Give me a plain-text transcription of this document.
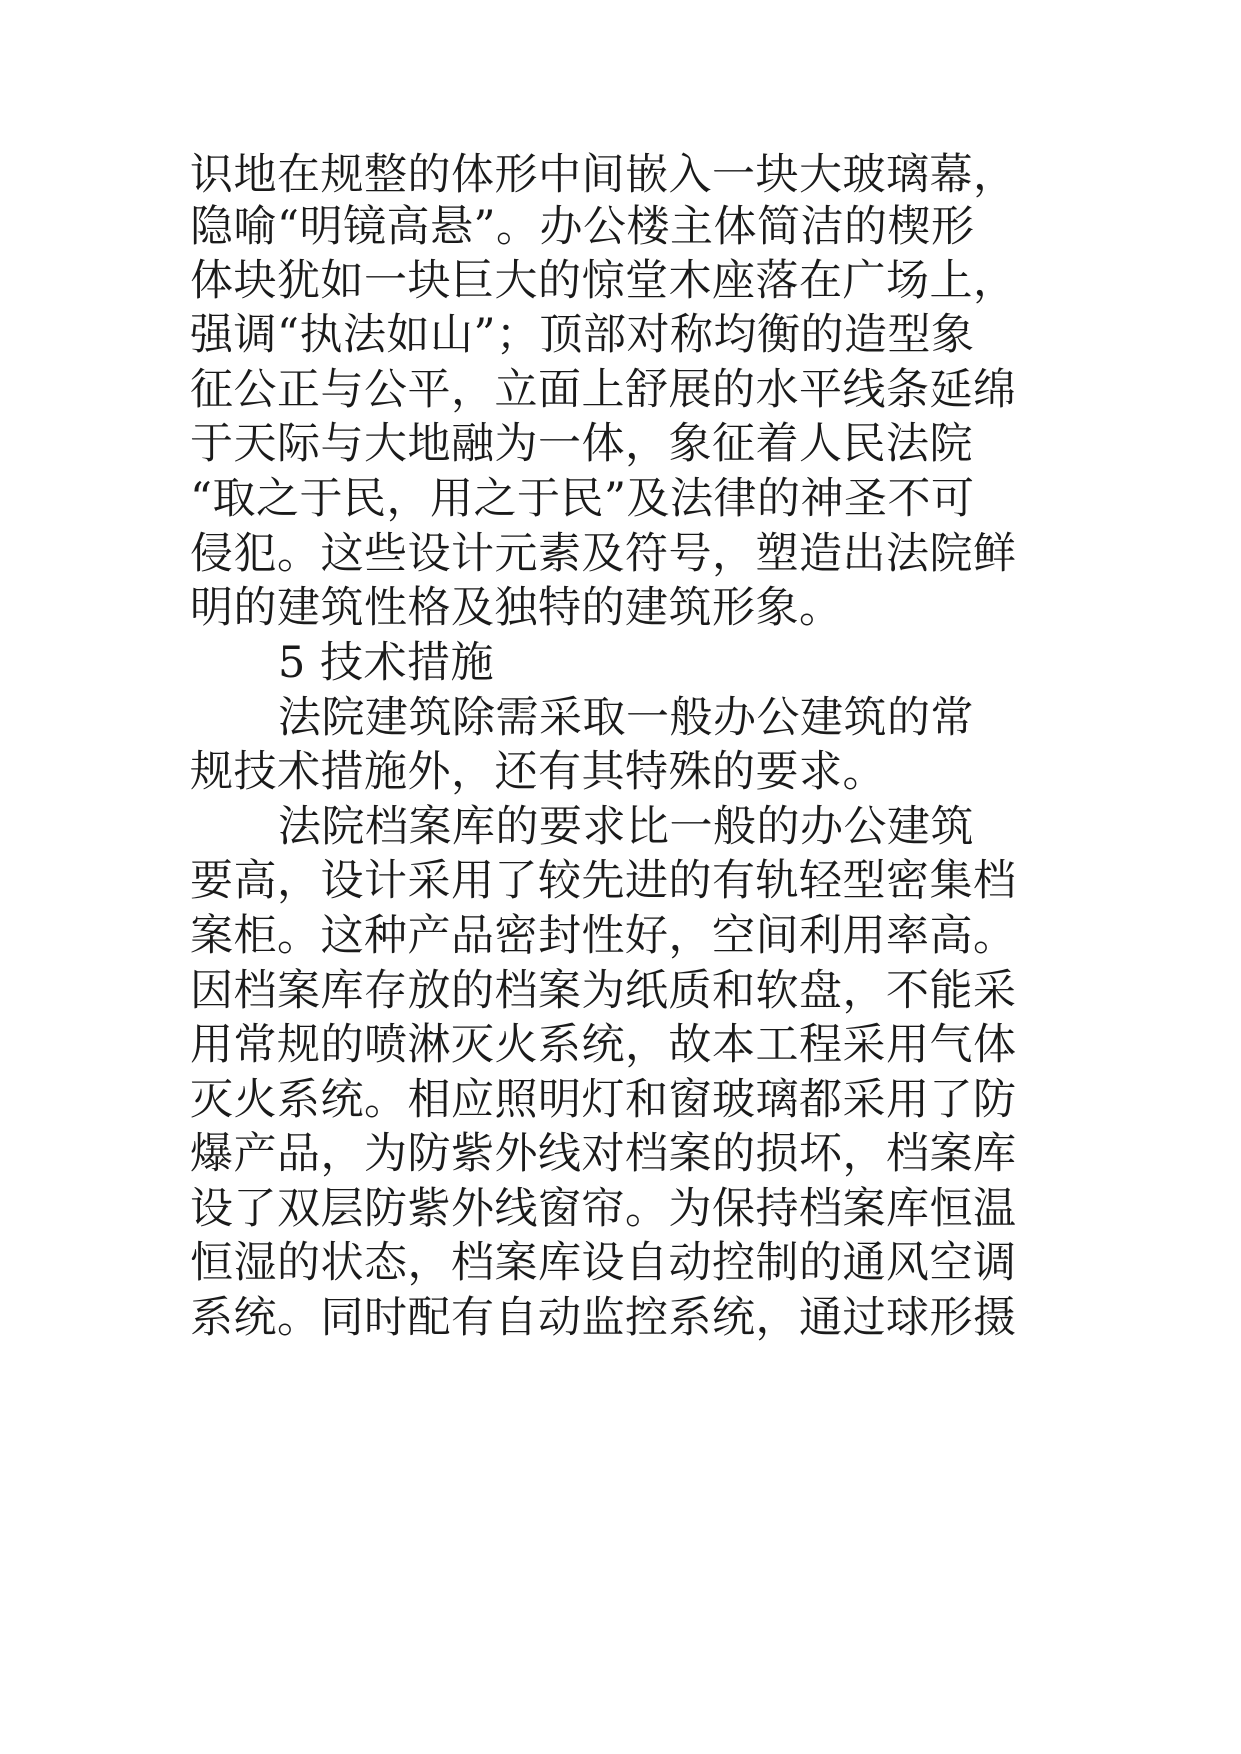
识地在规整的体形中间嵌入一块大玻璃幕，
隐喻“明镜高悬”。办公楼主体简洁的楔形
体块犹如一块巨大的惊堂木座落在广场上，
强调“执法如山”；顶部对称均衡的造型象
征公正与公平，立面上舒展的水平线条延绵
于天际与大地融为一体，象征着人民法院
“取之于民，用之于民”及法律的神圣不可
侵犯。这些设计元素及符号，塑造出法院鲜
明的建筑性格及独特的建筑形象。
5 技术措施
法院建筑除需采取一般办公建筑的常
规技术措施外，还有其特殊的要求。
法院档案库的要求比一般的办公建筑
要高，设计采用了较先进的有轨轻型密集档
案柜。这种产品密封性好，空间利用率高。
因档案库存放的档案为纸质和软盘，不能采
用常规的喷淋灭火系统，故本工程采用气体
灭火系统。相应照明灯和窗玻璃都采用了防
爆产品，为防紫外线对档案的损坏，档案库
设了双层防紫外线窗帘。为保持档案库恒温
恒湿的状态，档案库设自动控制的通风空调
系统。同时配有自动监控系统，通过球形摄
